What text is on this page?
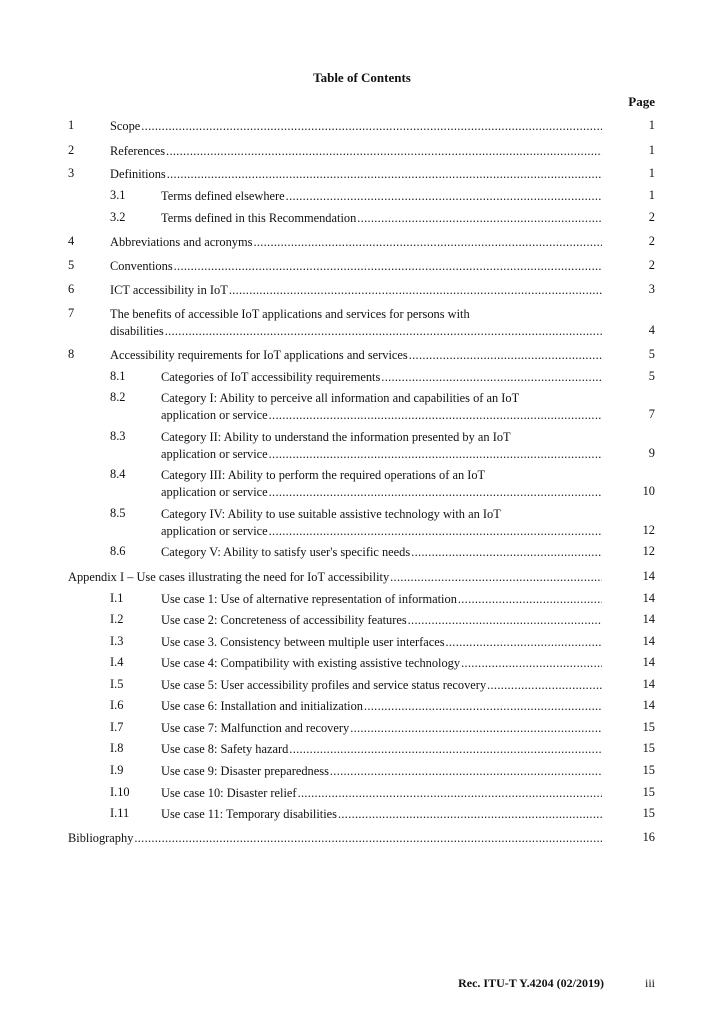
Table of Contents
Page
1	Scope .....	1
2	References .....	1
3	Definitions .....	1
3.1	Terms defined elsewhere .....	1
3.2	Terms defined in this Recommendation .....	2
4	Abbreviations and acronyms .....	2
5	Conventions .....	2
6	ICT accessibility in IoT .....	3
7	The benefits of accessible IoT applications and services for persons with
disabilities .....	4
8	Accessibility requirements for IoT applications and services .....	5
8.1	Categories of IoT accessibility requirements .....	5
8.2	Category I: Ability to perceive all information and capabilities of an IoT
application or service .....	7
8.3	Category II: Ability to understand the information presented by an IoT
application or service .....	9
8.4	Category III: Ability to perform the required operations of an IoT
application or service .....	10
8.5	Category IV: Ability to use suitable assistive technology with an IoT
application or service .....	12
8.6	Category V: Ability to satisfy user's specific needs .....	12
Appendix I – Use cases illustrating the need for IoT accessibility .....	14
I.1	Use case 1: Use of alternative representation of information .....	14
I.2	Use case 2: Concreteness of accessibility features .....	14
I.3	Use case 3. Consistency between multiple user interfaces .....	14
I.4	Use case 4: Compatibility with existing assistive technology .....	14
I.5	Use case 5: User accessibility profiles and service status recovery .....	14
I.6	Use case 6: Installation and initialization .....	14
I.7	Use case 7: Malfunction and recovery .....	15
I.8	Use case 8: Safety hazard .....	15
I.9	Use case 9: Disaster preparedness .....	15
I.10	Use case 10: Disaster relief .....	15
I.11	Use case 11: Temporary disabilities .....	15
Bibliography .....	16
Rec. ITU-T Y.4204 (02/2019)	iii
